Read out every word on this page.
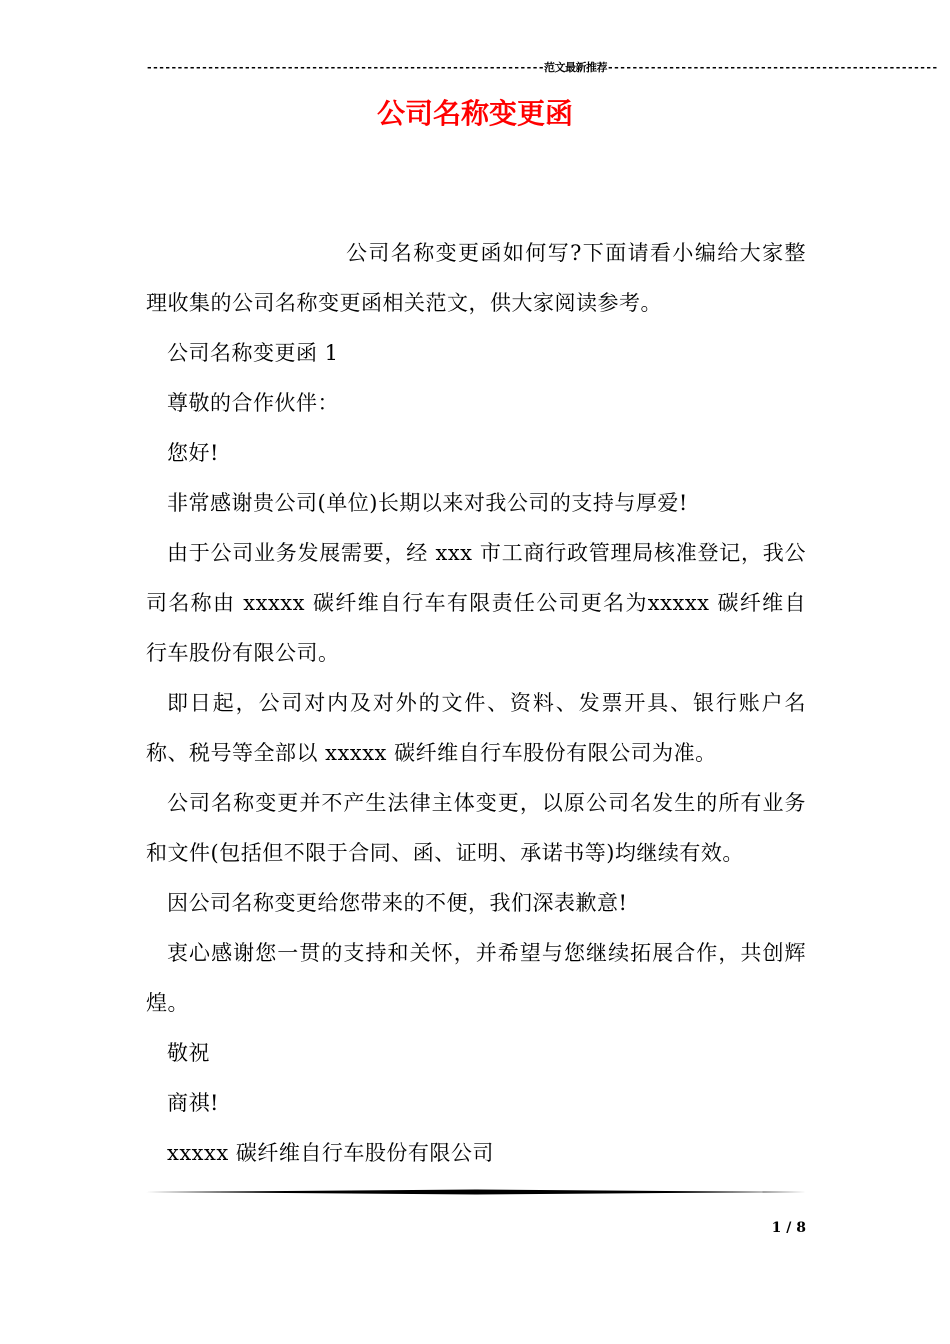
-----------------------------------------------------------------范文最新推荐------------------------------------------------------
公司名称变更函

公司名称变更函如何写?下面请看小编给大家整理收集的公司名称变更函相关范文，供大家阅读参考。

公司名称变更函 1

尊敬的合作伙伴：

您好!

非常感谢贵公司(单位)长期以来对我公司的支持与厚爱!

由于公司业务发展需要，经 xxx 市工商行政管理局核准登记，我公司名称由 xxxxx 碳纤维自行车有限责任公司更名为xxxxx 碳纤维自行车股份有限公司。

即日起，公司对内及对外的文件、资料、发票开具、银行账户名称、税号等全部以 xxxxx 碳纤维自行车股份有限公司为准。

公司名称变更并不产生法律主体变更，以原公司名发生的所有业务和文件(包括但不限于合同、函、证明、承诺书等)均继续有效。

因公司名称变更给您带来的不便，我们深表歉意!

衷心感谢您一贯的支持和关怀，并希望与您继续拓展合作，共创辉煌。

敬祝

商祺!

xxxxx 碳纤维自行车股份有限公司

1 / 8
